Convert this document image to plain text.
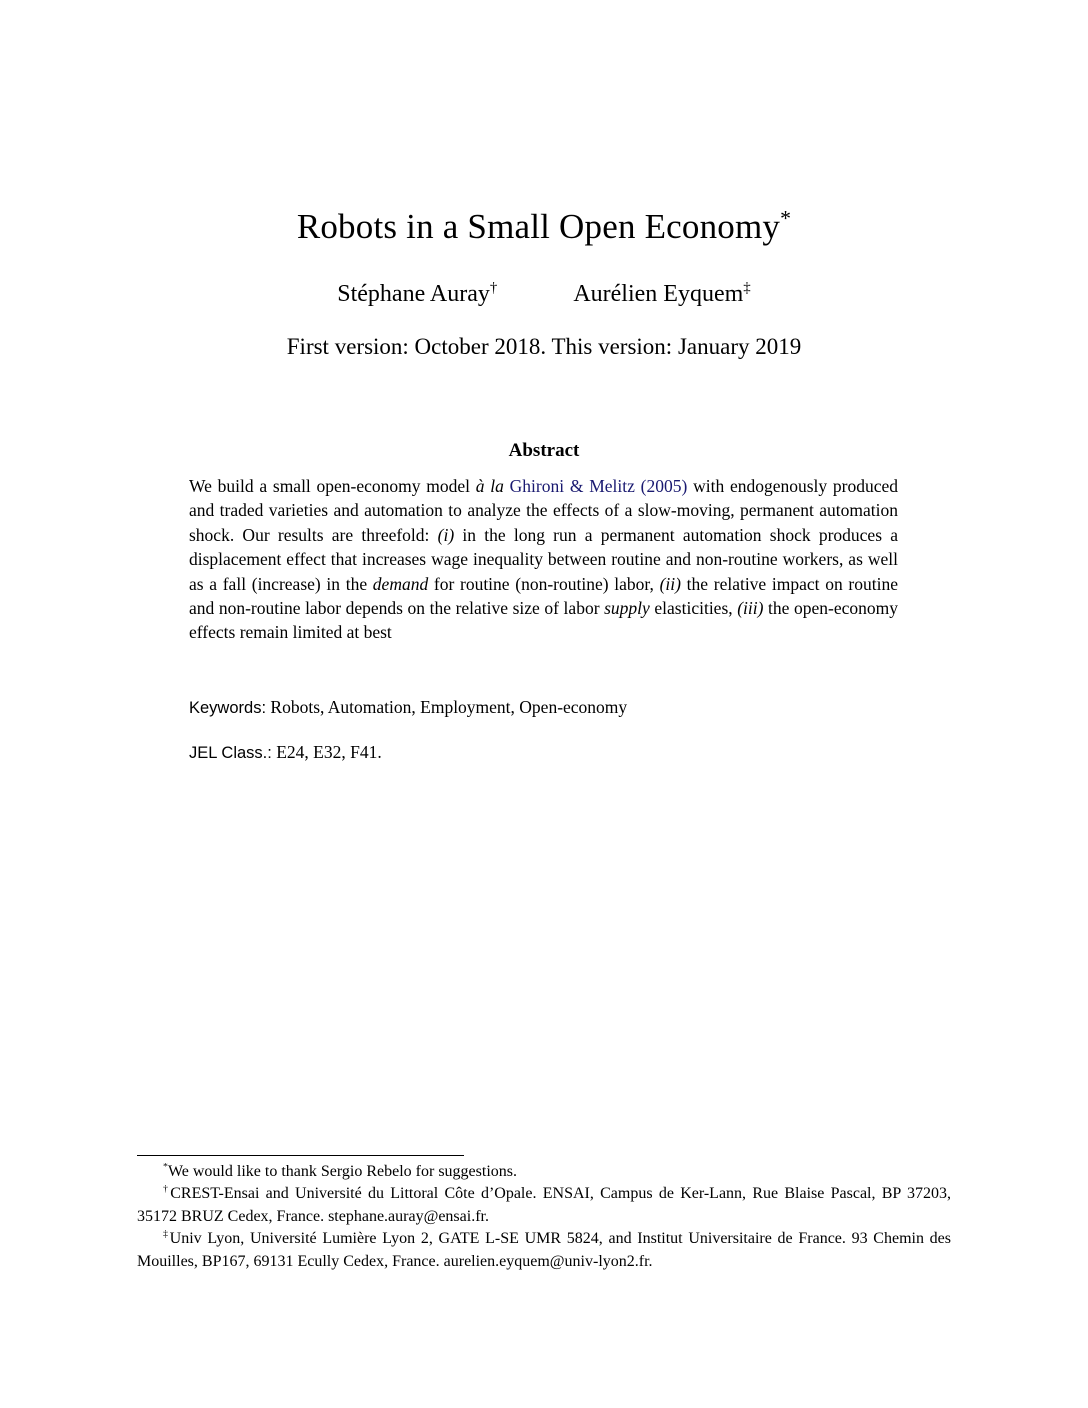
Robots in a Small Open Economy*
Stéphane Auray†	Aurélien Eyquem‡
First version: October 2018. This version: January 2019
Abstract
We build a small open-economy model à la Ghironi & Melitz (2005) with endogenously produced and traded varieties and automation to analyze the effects of a slow-moving, permanent automation shock. Our results are threefold: (i) in the long run a permanent automation shock produces a displacement effect that increases wage inequality between routine and non-routine workers, as well as a fall (increase) in the demand for routine (non-routine) labor, (ii) the relative impact on routine and non-routine labor depends on the relative size of labor supply elasticities, (iii) the open-economy effects remain limited at best
Keywords: Robots, Automation, Employment, Open-economy
JEL Class.: E24, E32, F41.

*We would like to thank Sergio Rebelo for suggestions.

†CREST-Ensai and Université du Littoral Côte d’Opale. ENSAI, Campus de Ker-Lann, Rue Blaise Pascal, BP 37203, 35172 BRUZ Cedex, France. stephane.auray@ensai.fr.

‡Univ Lyon, Université Lumière Lyon 2, GATE L-SE UMR 5824, and Institut Universitaire de France. 93 Chemin des Mouilles, BP167, 69131 Ecully Cedex, France. aurelien.eyquem@univ-lyon2.fr.
